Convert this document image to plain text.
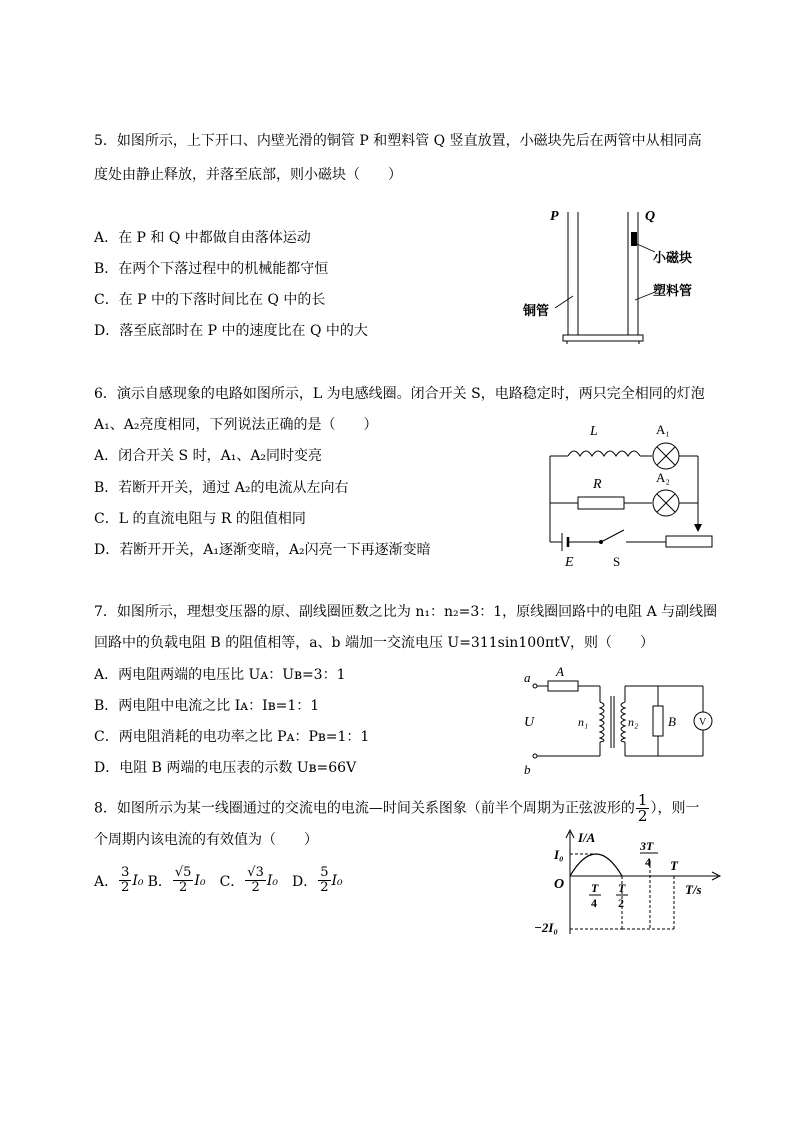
5．如图所示，上下开口、内壁光滑的铜管 P 和塑料管 Q 竖直放置，小磁块先后在两管中从相同高
度处由静止释放，并落至底部，则小磁块（　　）
A．在 P 和 Q 中都做自由落体运动
B．在两个下落过程中的机械能都守恒
C．在 P 中的下落时间比在 Q 中的长
D．落至底部时在 P 中的速度比在 Q 中的大
P	Q
小磁块
塑料管
铜管
6．演示自感现象的电路如图所示，L 为电感线圈。闭合开关 S，电路稳定时，两只完全相同的灯泡
A₁、A₂亮度相同，下列说法正确的是（　　）
A．闭合开关 S 时，A₁、A₂同时变亮
B．若断开开关，通过 A₂的电流从左向右
C．L 的直流电阻与 R 的阻值相同
D．若断开开关，A₁逐渐变暗，A₂闪亮一下再逐渐变暗
L	A₁
R	A₂
E	S
7．如图所示，理想变压器的原、副线圈匝数之比为 n₁：n₂=3：1，原线圈回路中的电阻 A 与副线圈
回路中的负载电阻 B 的阻值相等，a、b 端加一交流电压 U=311sin100πtV，则（　　）
A．两电阻两端的电压比 Uᴀ：Uʙ=3：1
B．两电阻中电流之比 Iᴀ：Iʙ=1：1
C．两电阻消耗的电功率之比 Pᴀ：Pʙ=1：1
D．电阻 B 两端的电压表的示数 Uʙ=66V
a
b
U
A
n₁	n₂ B V
8．如图所示为某一线圈通过的交流电的电流—时间关系图象（前半个周期为正弦波形的 $\frac{1}{2}$ ），则一
个周期内该电流的有效值为（　　）
A． $\frac{3}{2} I_0$ B． $\frac{√5}{2} I_0$ C． $\frac{√3}{2} I_0$ D． $\frac{5}{2} I_0$
I/A
T/s
O
I₀
−2I₀
T
4
T
2
3T
4 T
